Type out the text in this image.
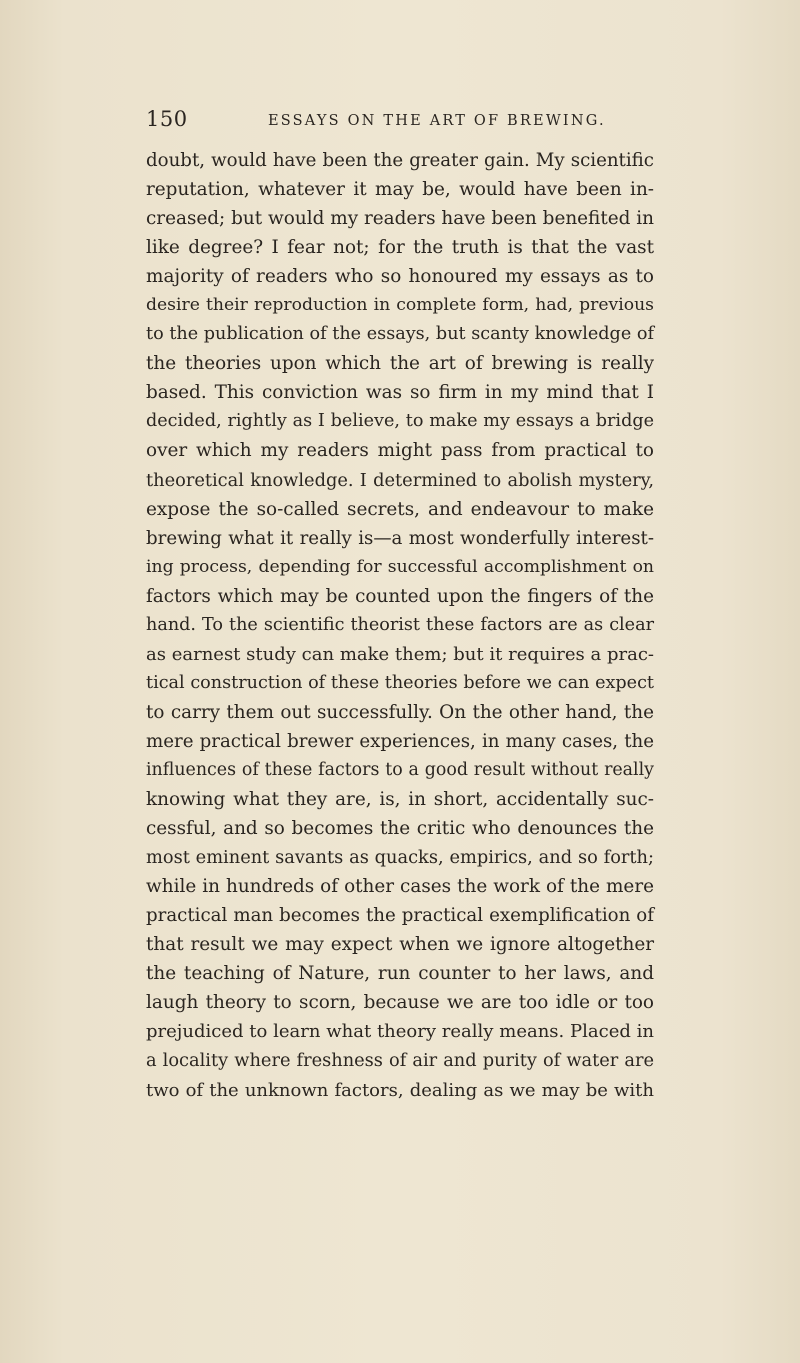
150	ESSAYS ON THE ART OF BREWING.
doubt, would have been the greater gain. My scientific
reputation, whatever it may be, would have been in-
creased; but would my readers have been benefited in
like degree? I fear not; for the truth is that the vast
majority of readers who so honoured my essays as to
desire their reproduction in complete form, had, previous
to the publication of the essays, but scanty knowledge of
the theories upon which the art of brewing is really
based. This conviction was so firm in my mind that I
decided, rightly as I believe, to make my essays a bridge
over which my readers might pass from practical to
theoretical knowledge. I determined to abolish mystery,
expose the so-called secrets, and endeavour to make
brewing what it really is—a most wonderfully interest-
ing process, depending for successful accomplishment on
factors which may be counted upon the fingers of the
hand. To the scientific theorist these factors are as clear
as earnest study can make them; but it requires a prac-
tical construction of these theories before we can expect
to carry them out successfully. On the other hand, the
mere practical brewer experiences, in many cases, the
influences of these factors to a good result without really
knowing what they are, is, in short, accidentally suc-
cessful, and so becomes the critic who denounces the
most eminent savants as quacks, empirics, and so forth;
while in hundreds of other cases the work of the mere
practical man becomes the practical exemplification of
that result we may expect when we ignore altogether
the teaching of Nature, run counter to her laws, and
laugh theory to scorn, because we are too idle or too
prejudiced to learn what theory really means. Placed in
a locality where freshness of air and purity of water are
two of the unknown factors, dealing as we may be with
